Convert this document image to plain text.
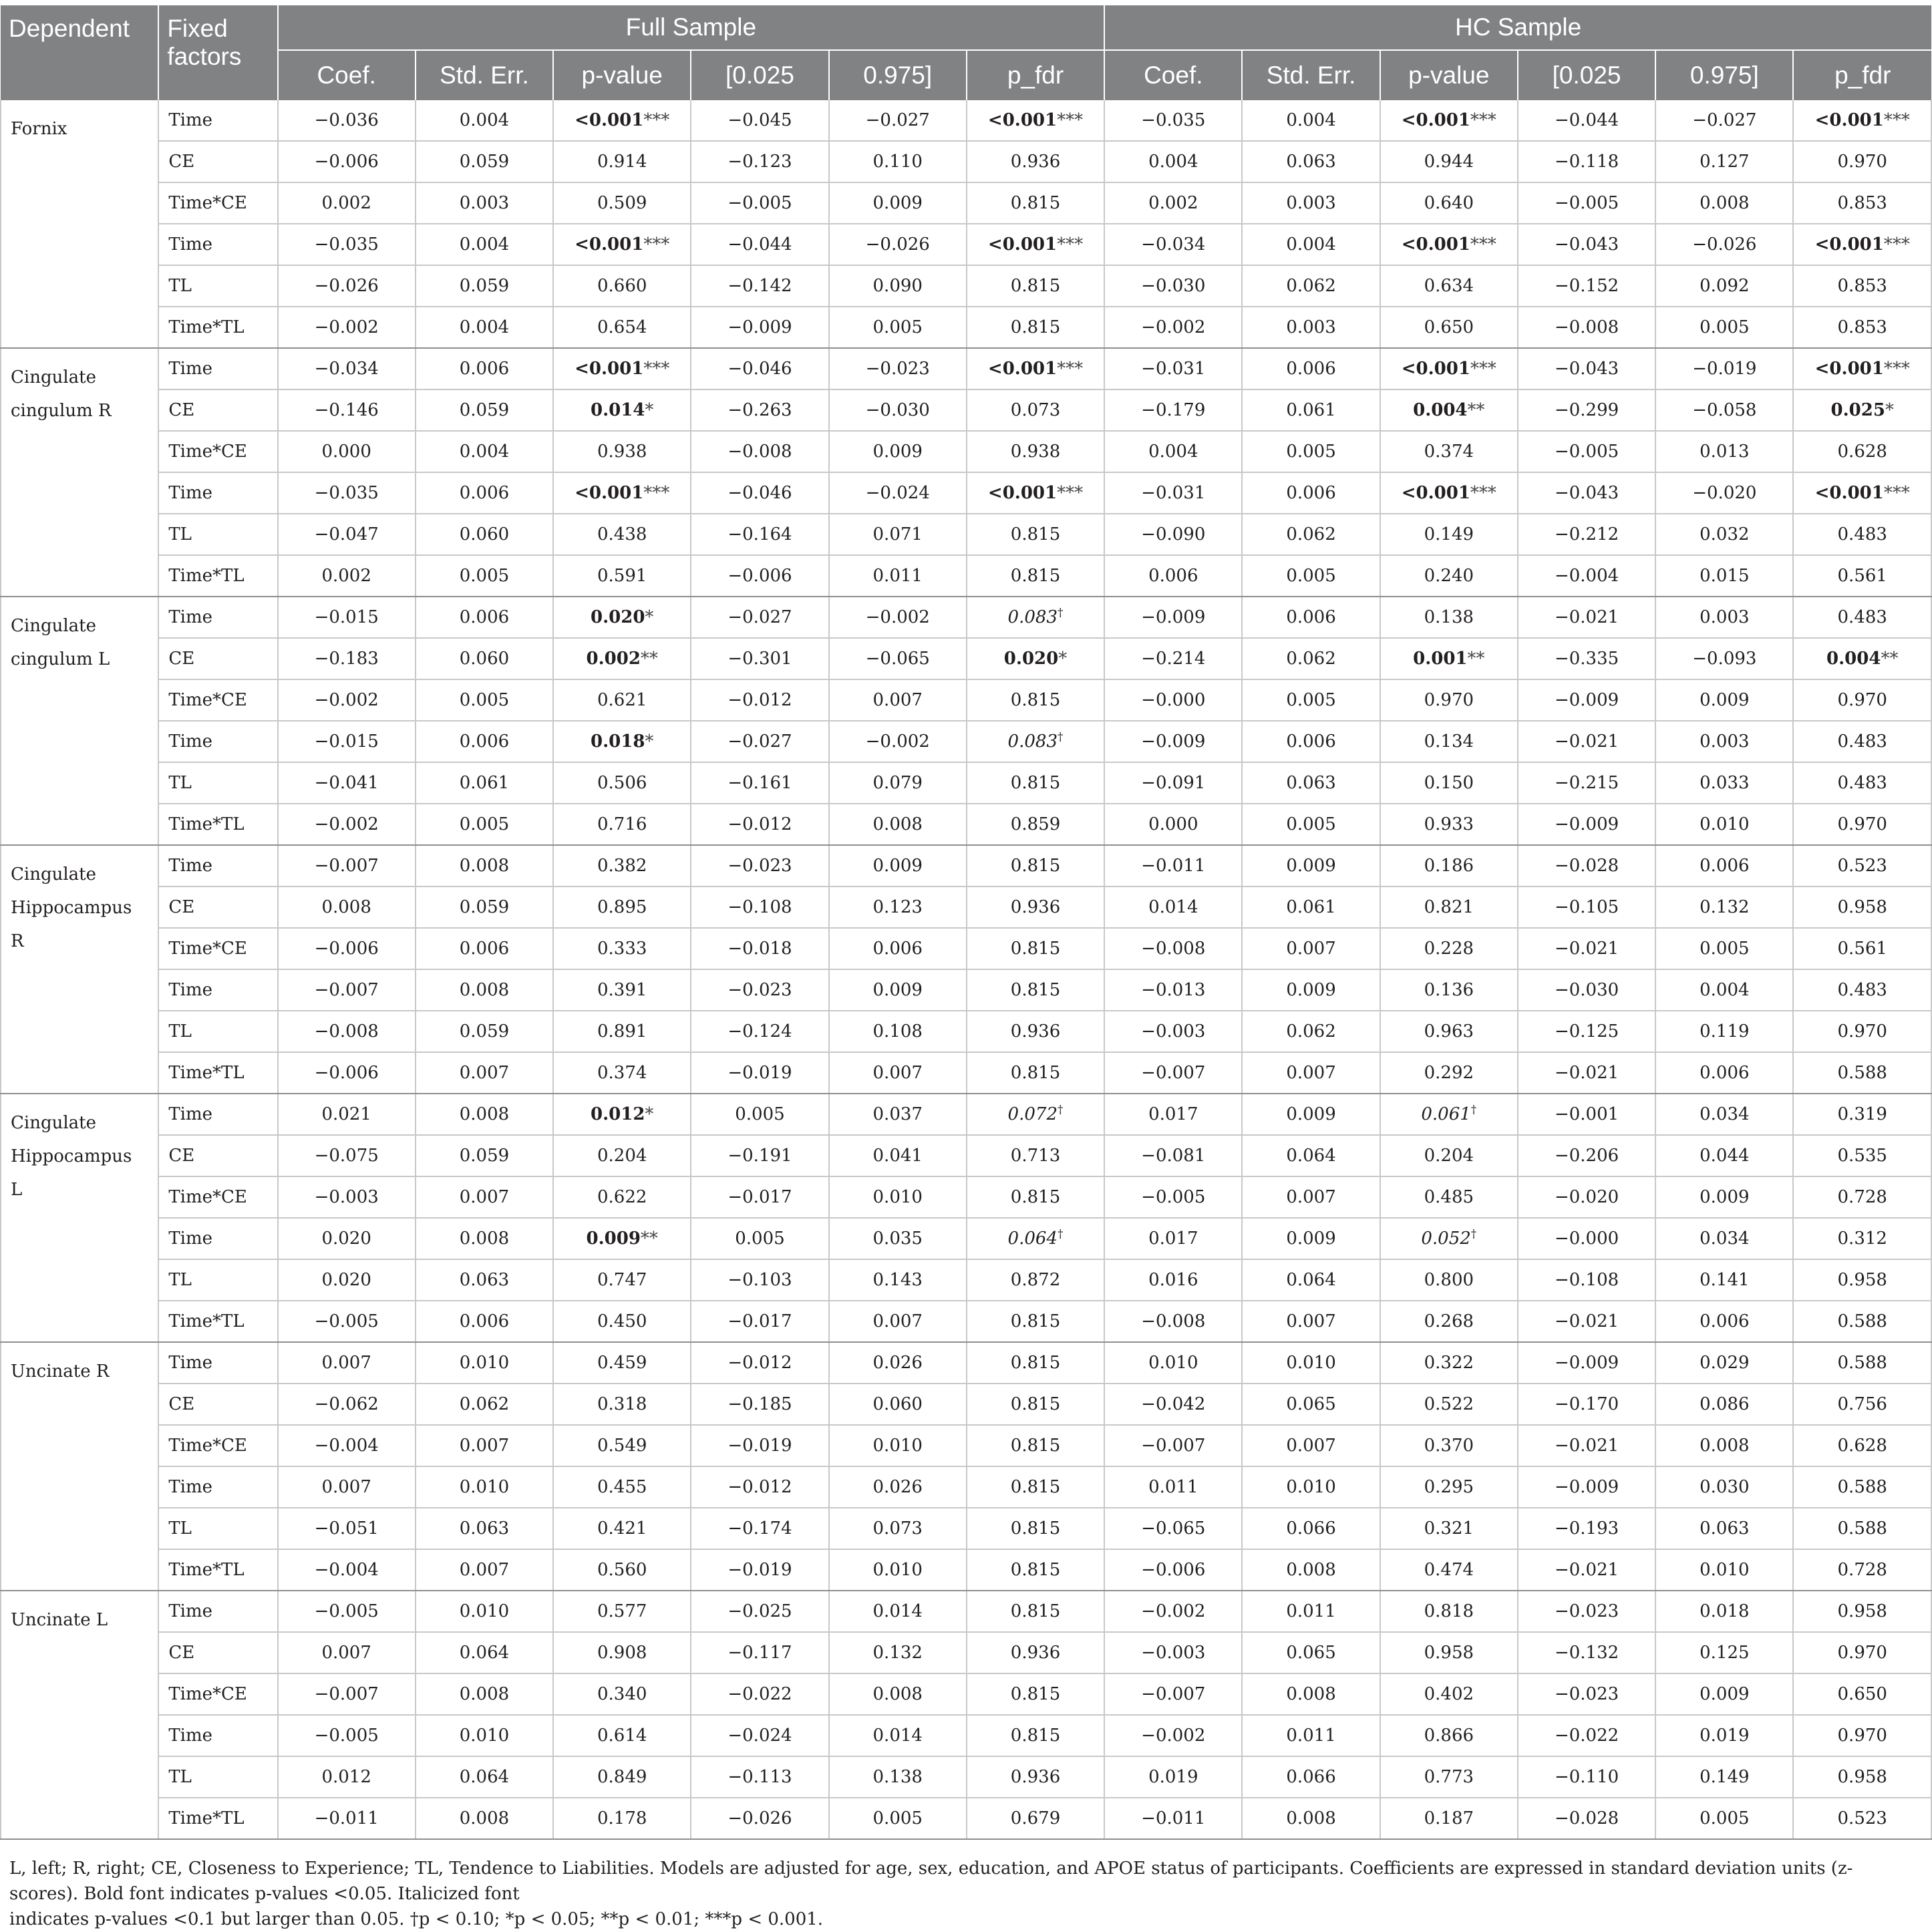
Dependent	Fixed factors	Full Sample						HC Sample					
		Coef.	Std. Err.	p-value	[0.025	0.975]	p_fdr	Coef.	Std. Err.	p-value	[0.025	0.975]	p_fdr
Fornix	Time	−0.036	0.004	<0.001***	−0.045	−0.027	<0.001***	−0.035	0.004	<0.001***	−0.044	−0.027	<0.001***
	CE	−0.006	0.059	0.914	−0.123	0.110	0.936	0.004	0.063	0.944	−0.118	0.127	0.970
	Time*CE	0.002	0.003	0.509	−0.005	0.009	0.815	0.002	0.003	0.640	−0.005	0.008	0.853
	Time	−0.035	0.004	<0.001***	−0.044	−0.026	<0.001***	−0.034	0.004	<0.001***	−0.043	−0.026	<0.001***
	TL	−0.026	0.059	0.660	−0.142	0.090	0.815	−0.030	0.062	0.634	−0.152	0.092	0.853
	Time*TL	−0.002	0.004	0.654	−0.009	0.005	0.815	−0.002	0.003	0.650	−0.008	0.005	0.853
Cingulate cingulum R	Time	−0.034	0.006	<0.001***	−0.046	−0.023	<0.001***	−0.031	0.006	<0.001***	−0.043	−0.019	<0.001***
	CE	−0.146	0.059	0.014*	−0.263	−0.030	0.073	−0.179	0.061	0.004**	−0.299	−0.058	0.025*
	Time*CE	0.000	0.004	0.938	−0.008	0.009	0.938	0.004	0.005	0.374	−0.005	0.013	0.628
	Time	−0.035	0.006	<0.001***	−0.046	−0.024	<0.001***	−0.031	0.006	<0.001***	−0.043	−0.020	<0.001***
	TL	−0.047	0.060	0.438	−0.164	0.071	0.815	−0.090	0.062	0.149	−0.212	0.032	0.483
	Time*TL	0.002	0.005	0.591	−0.006	0.011	0.815	0.006	0.005	0.240	−0.004	0.015	0.561
Cingulate cingulum L	Time	−0.015	0.006	0.020*	−0.027	−0.002	0.083†	−0.009	0.006	0.138	−0.021	0.003	0.483
	CE	−0.183	0.060	0.002**	−0.301	−0.065	0.020*	−0.214	0.062	0.001**	−0.335	−0.093	0.004**
	Time*CE	−0.002	0.005	0.621	−0.012	0.007	0.815	−0.000	0.005	0.970	−0.009	0.009	0.970
	Time	−0.015	0.006	0.018*	−0.027	−0.002	0.083†	−0.009	0.006	0.134	−0.021	0.003	0.483
	TL	−0.041	0.061	0.506	−0.161	0.079	0.815	−0.091	0.063	0.150	−0.215	0.033	0.483
	Time*TL	−0.002	0.005	0.716	−0.012	0.008	0.859	0.000	0.005	0.933	−0.009	0.010	0.970
Cingulate Hippocampus R	Time	−0.007	0.008	0.382	−0.023	0.009	0.815	−0.011	0.009	0.186	−0.028	0.006	0.523
	CE	0.008	0.059	0.895	−0.108	0.123	0.936	0.014	0.061	0.821	−0.105	0.132	0.958
	Time*CE	−0.006	0.006	0.333	−0.018	0.006	0.815	−0.008	0.007	0.228	−0.021	0.005	0.561
	Time	−0.007	0.008	0.391	−0.023	0.009	0.815	−0.013	0.009	0.136	−0.030	0.004	0.483
	TL	−0.008	0.059	0.891	−0.124	0.108	0.936	−0.003	0.062	0.963	−0.125	0.119	0.970
	Time*TL	−0.006	0.007	0.374	−0.019	0.007	0.815	−0.007	0.007	0.292	−0.021	0.006	0.588
Cingulate Hippocampus L	Time	0.021	0.008	0.012*	0.005	0.037	0.072†	0.017	0.009	0.061†	−0.001	0.034	0.319
	CE	−0.075	0.059	0.204	−0.191	0.041	0.713	−0.081	0.064	0.204	−0.206	0.044	0.535
	Time*CE	−0.003	0.007	0.622	−0.017	0.010	0.815	−0.005	0.007	0.485	−0.020	0.009	0.728
	Time	0.020	0.008	0.009**	0.005	0.035	0.064†	0.017	0.009	0.052†	−0.000	0.034	0.312
	TL	0.020	0.063	0.747	−0.103	0.143	0.872	0.016	0.064	0.800	−0.108	0.141	0.958
	Time*TL	−0.005	0.006	0.450	−0.017	0.007	0.815	−0.008	0.007	0.268	−0.021	0.006	0.588
Uncinate R	Time	0.007	0.010	0.459	−0.012	0.026	0.815	0.010	0.010	0.322	−0.009	0.029	0.588
	CE	−0.062	0.062	0.318	−0.185	0.060	0.815	−0.042	0.065	0.522	−0.170	0.086	0.756
	Time*CE	−0.004	0.007	0.549	−0.019	0.010	0.815	−0.007	0.007	0.370	−0.021	0.008	0.628
	Time	0.007	0.010	0.455	−0.012	0.026	0.815	0.011	0.010	0.295	−0.009	0.030	0.588
	TL	−0.051	0.063	0.421	−0.174	0.073	0.815	−0.065	0.066	0.321	−0.193	0.063	0.588
	Time*TL	−0.004	0.007	0.560	−0.019	0.010	0.815	−0.006	0.008	0.474	−0.021	0.010	0.728
Uncinate L	Time	−0.005	0.010	0.577	−0.025	0.014	0.815	−0.002	0.011	0.818	−0.023	0.018	0.958
	CE	0.007	0.064	0.908	−0.117	0.132	0.936	−0.003	0.065	0.958	−0.132	0.125	0.970
	Time*CE	−0.007	0.008	0.340	−0.022	0.008	0.815	−0.007	0.008	0.402	−0.023	0.009	0.650
	Time	−0.005	0.010	0.614	−0.024	0.014	0.815	−0.002	0.011	0.866	−0.022	0.019	0.970
	TL	0.012	0.064	0.849	−0.113	0.138	0.936	0.019	0.066	0.773	−0.110	0.149	0.958
	Time*TL	−0.011	0.008	0.178	−0.026	0.005	0.679	−0.011	0.008	0.187	−0.028	0.005	0.523

L, left; R, right; CE, Closeness to Experience; TL, Tendence to Liabilities. Models are adjusted for age, sex, education, and APOE status of participants. Coefficients are expressed in standard deviation units (z-scores). Bold font indicates p-values <0.05. Italicized font

indicates p-values <0.1 but larger than 0.05. †p < 0.10; *p < 0.05; **p < 0.01; ***p < 0.001.
